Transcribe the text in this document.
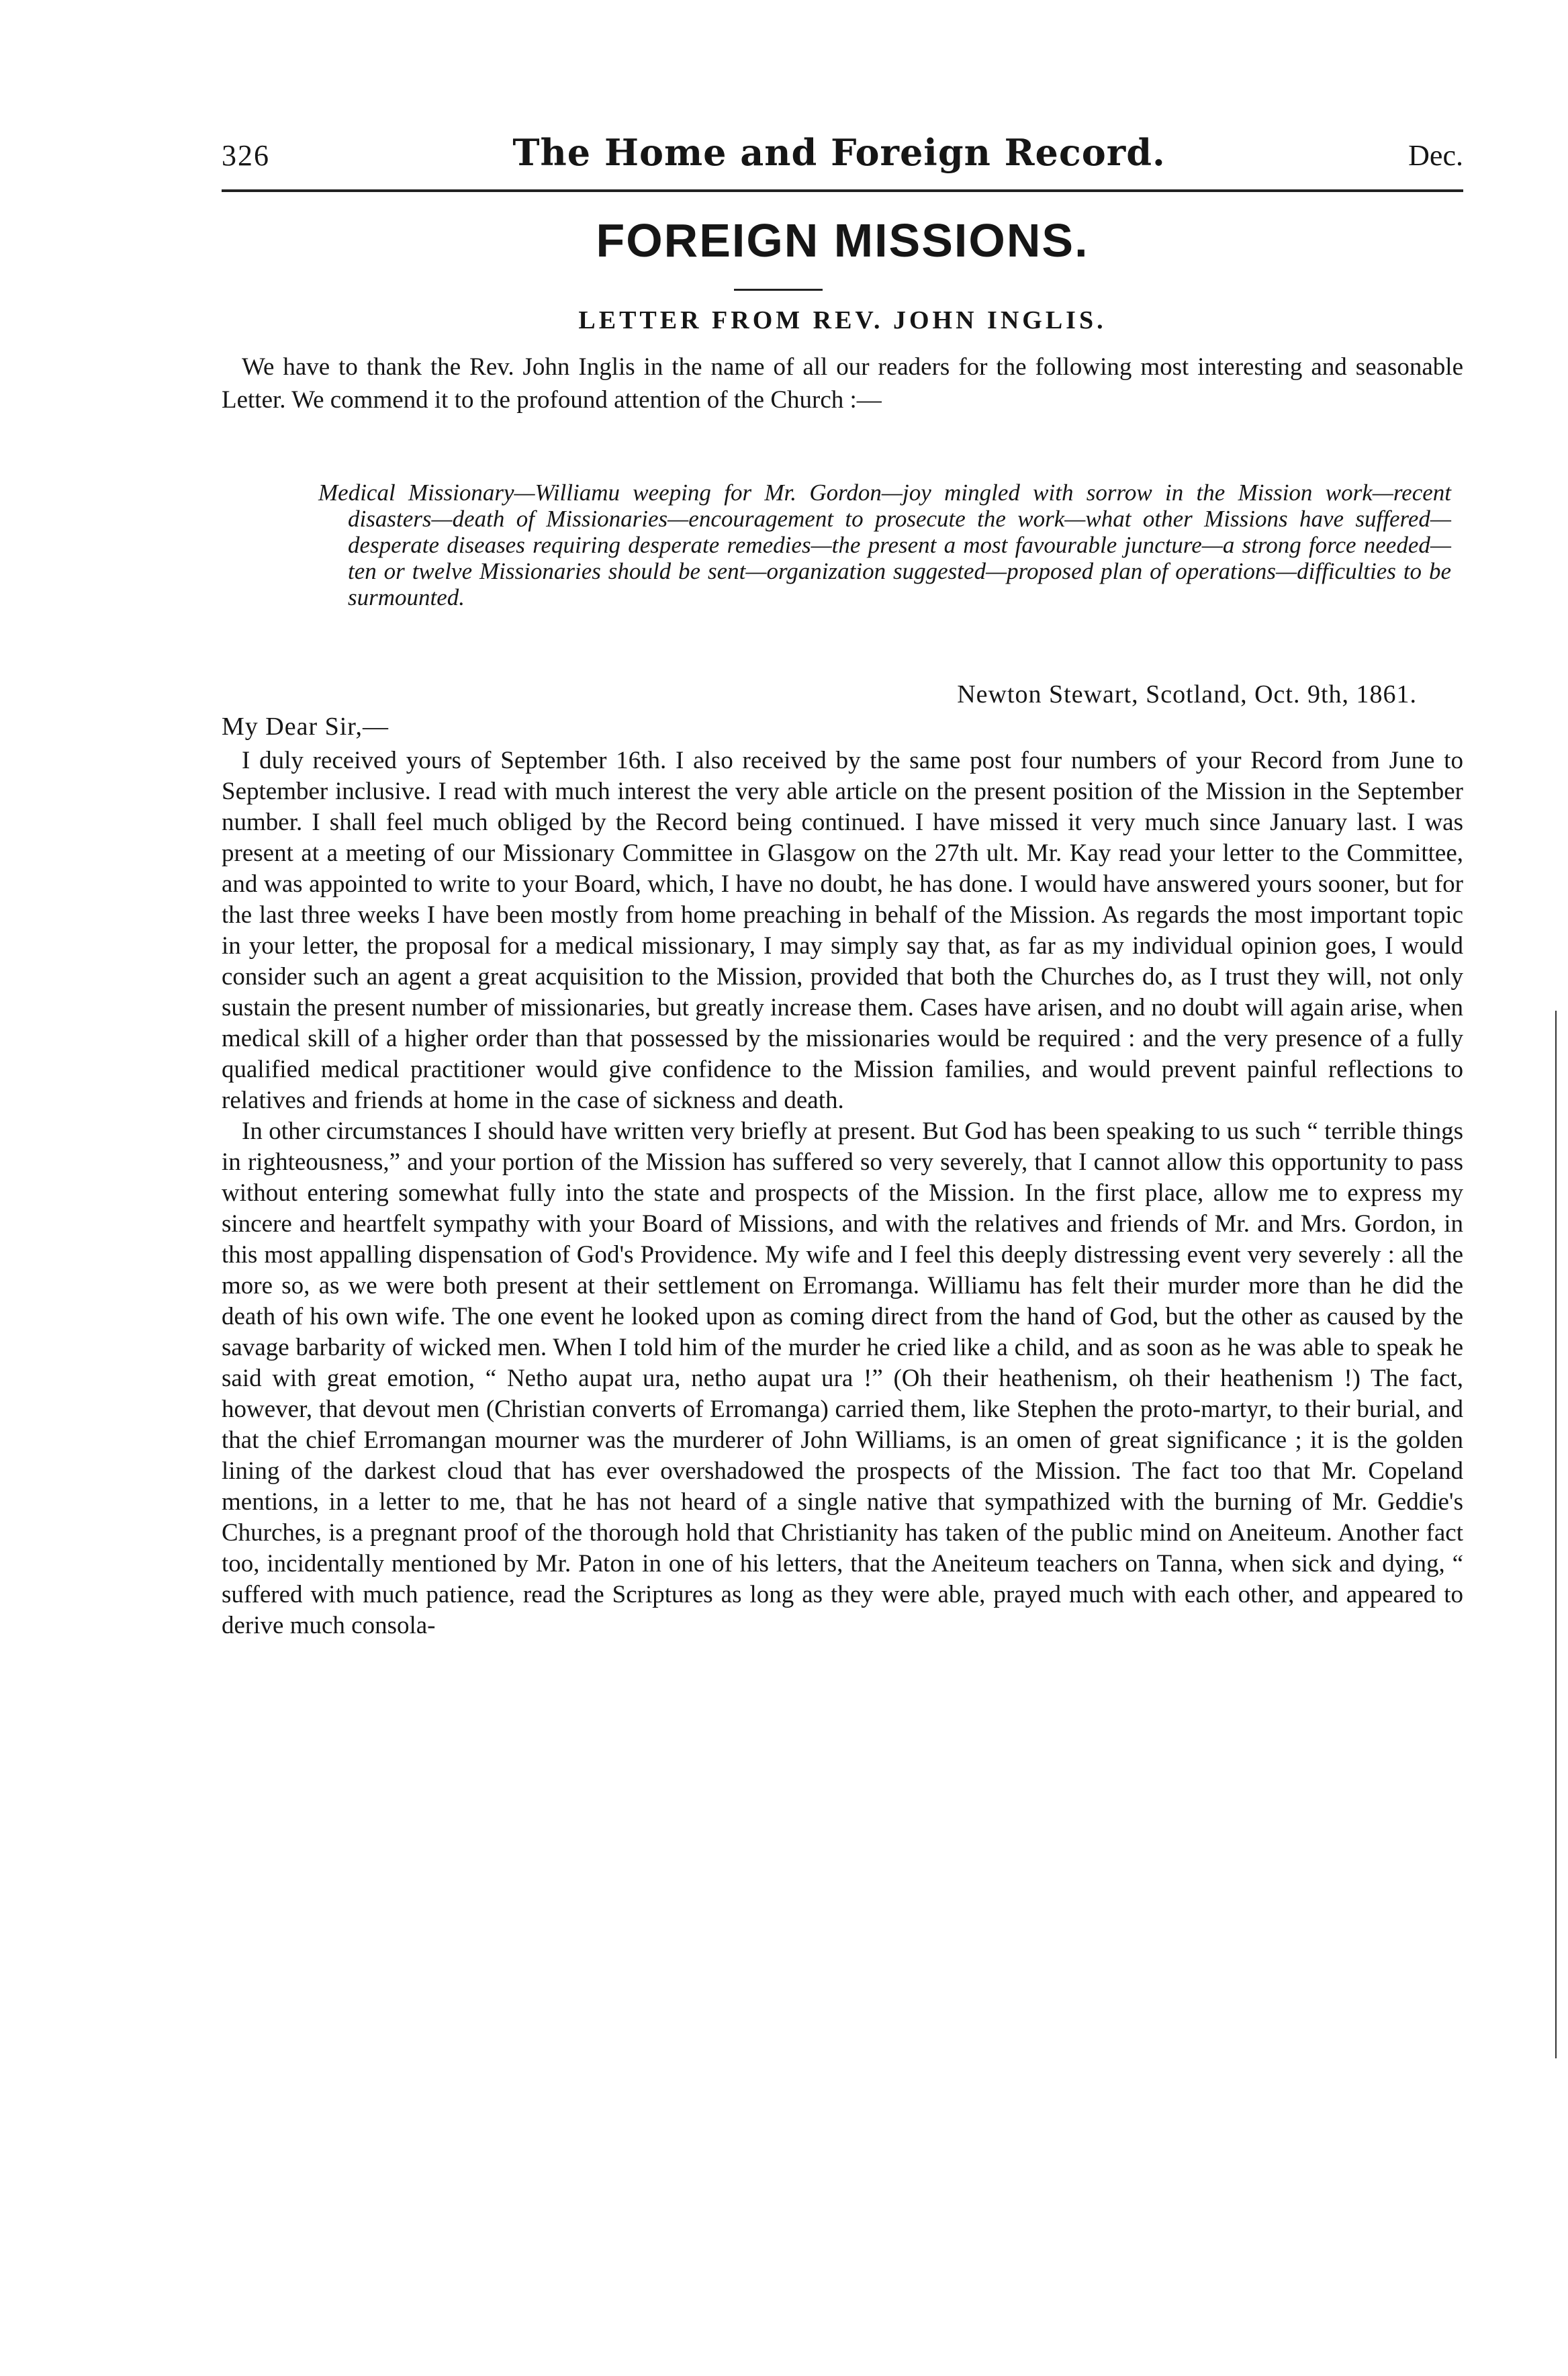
326	The Home and Foreign Record.	Dec.
FOREIGN MISSIONS.
LETTER FROM REV. JOHN INGLIS.

We have to thank the Rev. John Inglis in the name of all our readers for the following most interesting and seasonable Letter. We commend it to the profound attention of the Church :—

Medical Missionary—Williamu weeping for Mr. Gordon—joy mingled with sorrow in the Mission work—recent disasters—death of Missionaries—encouragement to prosecute the work—what other Missions have suffered—desperate diseases requiring desperate remedies—the present a most favourable juncture—a strong force needed—ten or twelve Missionaries should be sent—organization suggested—proposed plan of operations—difficulties to be surmounted.

Newton Stewart, Scotland, Oct. 9th, 1861.

My Dear Sir,—

I duly received yours of September 16th. I also received by the same post four numbers of your Record from June to September inclusive. I read with much interest the very able article on the present position of the Mission in the September number. I shall feel much obliged by the Record being continued. I have missed it very much since January last. I was present at a meeting of our Missionary Committee in Glasgow on the 27th ult. Mr. Kay read your letter to the Committee, and was appointed to write to your Board, which, I have no doubt, he has done. I would have answered yours sooner, but for the last three weeks I have been mostly from home preaching in behalf of the Mission. As regards the most important topic in your letter, the proposal for a medical missionary, I may simply say that, as far as my individual opinion goes, I would consider such an agent a great acquisition to the Mission, provided that both the Churches do, as I trust they will, not only sustain the present number of missionaries, but greatly increase them. Cases have arisen, and no doubt will again arise, when medical skill of a higher order than that possessed by the missionaries would be required : and the very presence of a fully qualified medical practitioner would give confidence to the Mission families, and would prevent painful reflections to relatives and friends at home in the case of sickness and death.

In other circumstances I should have written very briefly at present. But God has been speaking to us such “ terrible things in righteousness,” and your portion of the Mission has suffered so very severely, that I cannot allow this opportunity to pass without entering somewhat fully into the state and prospects of the Mission. In the first place, allow me to express my sincere and heartfelt sympathy with your Board of Missions, and with the relatives and friends of Mr. and Mrs. Gordon, in this most appalling dispensation of God's Providence. My wife and I feel this deeply distressing event very severely : all the more so, as we were both present at their settlement on Erromanga. Williamu has felt their murder more than he did the death of his own wife. The one event he looked upon as coming direct from the hand of God, but the other as caused by the savage barbarity of wicked men. When I told him of the murder he cried like a child, and as soon as he was able to speak he said with great emotion, “ Netho aupat ura, netho aupat ura !” (Oh their heathenism, oh their heathenism !) The fact, however, that devout men (Christian converts of Erromanga) carried them, like Stephen the proto-martyr, to their burial, and that the chief Erromangan mourner was the murderer of John Williams, is an omen of great significance ; it is the golden lining of the darkest cloud that has ever overshadowed the prospects of the Mission. The fact too that Mr. Copeland mentions, in a letter to me, that he has not heard of a single native that sympathized with the burning of Mr. Geddie's Churches, is a pregnant proof of the thorough hold that Christianity has taken of the public mind on Aneiteum. Another fact too, incidentally mentioned by Mr. Paton in one of his letters, that the Aneiteum teachers on Tanna, when sick and dying, “ suffered with much patience, read the Scriptures as long as they were able, prayed much with each other, and appeared to derive much consola-
